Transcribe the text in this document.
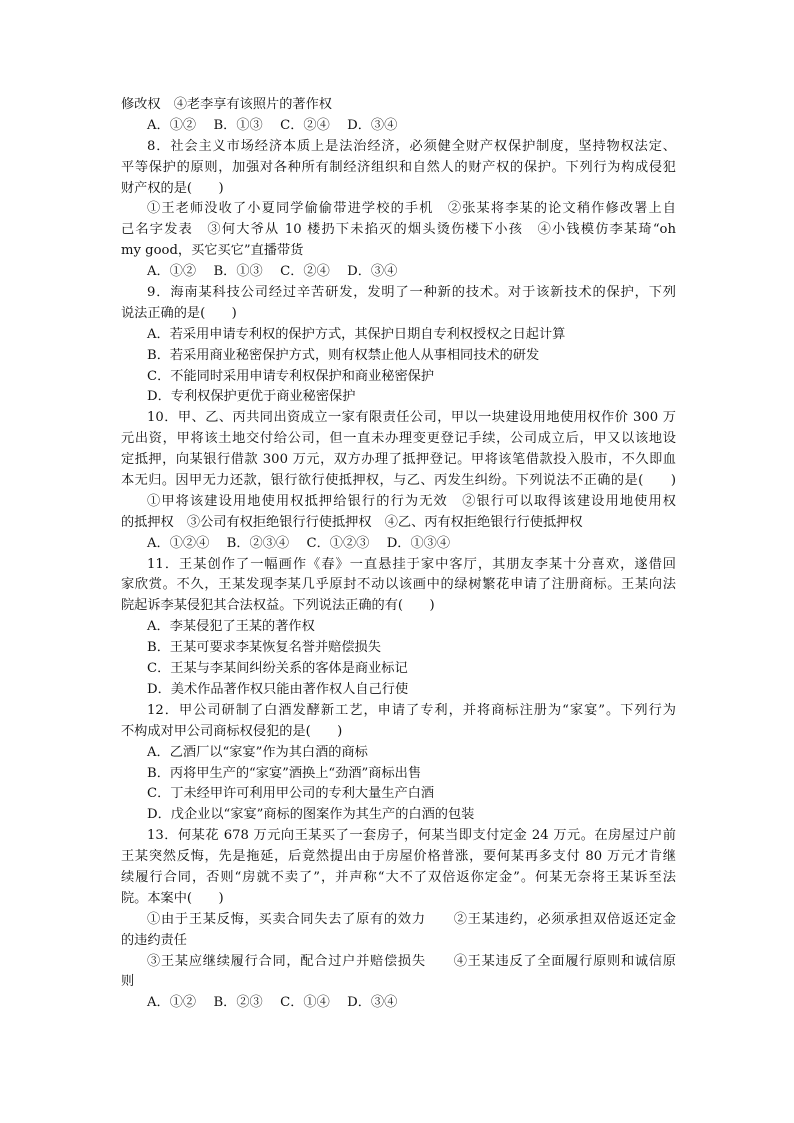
修改权　④老李享有该照片的著作权
A．①②　 B．①③　 C．②④　 D．③④
8．社会主义市场经济本质上是法治经济，必须健全财产权保护制度，坚持物权法定、
平等保护的原则，加强对各种所有制经济组织和自然人的财产权的保护。下列行为构成侵犯
财产权的是(　　)
①王老师没收了小夏同学偷偷带进学校的手机　②张某将李某的论文稍作修改署上自
己名字发表　③何大爷从 10 楼扔下未掐灭的烟头烫伤楼下小孩　④小钱模仿李某琦“oh
my good，买它买它”直播带货
A．①②　 B．①③　 C．②④　 D．③④
9．海南某科技公司经过辛苦研发，发明了一种新的技术。对于该新技术的保护，下列
说法正确的是(　　)
A．若采用申请专利权的保护方式，其保护日期自专利权授权之日起计算
B．若采用商业秘密保护方式，则有权禁止他人从事相同技术的研发
C．不能同时采用申请专利权保护和商业秘密保护
D．专利权保护更优于商业秘密保护
10．甲、乙、丙共同出资成立一家有限责任公司，甲以一块建设用地使用权作价 300 万
元出资，甲将该土地交付给公司，但一直未办理变更登记手续，公司成立后，甲又以该地设
定抵押，向某银行借款 300 万元，双方办理了抵押登记。甲将该笔借款投入股市，不久即血
本无归。因甲无力还款，银行欲行使抵押权，与乙、丙发生纠纷。下列说法不正确的是(　　)
①甲将该建设用地使用权抵押给银行的行为无效　②银行可以取得该建设用地使用权
的抵押权　③公司有权拒绝银行行使抵押权　④乙、丙有权拒绝银行行使抵押权
A．①②④　 B．②③④　 C．①②③　 D．①③④
11．王某创作了一幅画作《春》一直悬挂于家中客厅，其朋友李某十分喜欢，遂借回
家欣赏。不久，王某发现李某几乎原封不动以该画中的绿树繁花申请了注册商标。王某向法
院起诉李某侵犯其合法权益。下列说法正确的有(　　)
A．李某侵犯了王某的著作权
B．王某可要求李某恢复名誉并赔偿损失
C．王某与李某间纠纷关系的客体是商业标记
D．美术作品著作权只能由著作权人自己行使
12．甲公司研制了白酒发酵新工艺，申请了专利，并将商标注册为“家宴”。下列行为
不构成对甲公司商标权侵犯的是(　　)
A．乙酒厂以“家宴”作为其白酒的商标
B．丙将甲生产的“家宴”酒换上“劲酒”商标出售
C．丁未经甲许可利用甲公司的专利大量生产白酒
D．戊企业以“家宴”商标的图案作为其生产的白酒的包装
13．何某花 678 万元向王某买了一套房子，何某当即支付定金 24 万元。在房屋过户前
王某突然反悔，先是拖延，后竟然提出由于房屋价格普涨，要何某再多支付 80 万元才肯继
续履行合同，否则“房就不卖了”，并声称“大不了双倍返你定金”。何某无奈将王某诉至法
院。本案中(　　)
①由于王某反悔，买卖合同失去了原有的效力　　②王某违约，必须承担双倍返还定金
的违约责任
③王某应继续履行合同，配合过户并赔偿损失　　④王某违反了全面履行原则和诚信原
则
A．①②　 B．②③　 C．①④　 D．③④
